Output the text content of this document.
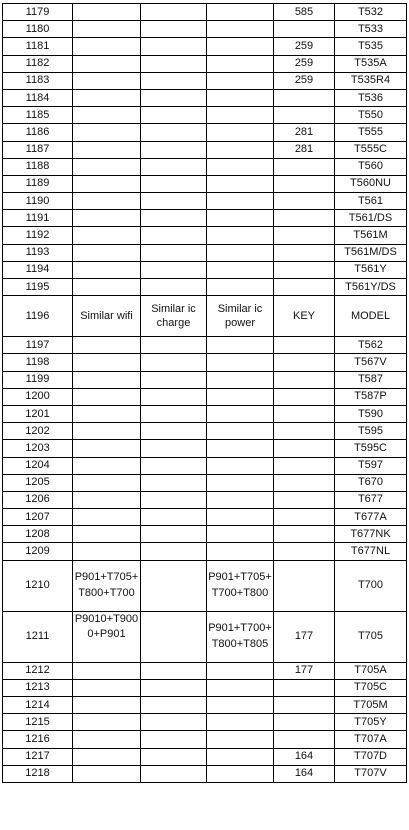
1179				585	T532
1180					T533
1181				259	T535
1182				259	T535A
1183				259	T535R4
1184					T536
1185					T550
1186				281	T555
1187				281	T555C
1188					T560
1189					T560NU
1190					T561
1191					T561/DS
1192					T561M
1193					T561M/DS
1194					T561Y
1195					T561Y/DS
1196	Similar wifi	Similar ic charge	Similar ic power	KEY	MODEL
1197					T562
1198					T567V
1199					T587
1200					T587P
1201					T590
1202					T595
1203					T595C
1204					T597
1205					T670
1206					T677
1207					T677A
1208					T677NK
1209					T677NL
1210	P901+T705+T800+T700		P901+T705+T700+T800		T700
1211	P9010+T9000+P901		P901+T700+T800+T805	177	T705
1212				177	T705A
1213					T705C
1214					T705M
1215					T705Y
1216					T707A
1217				164	T707D
1218				164	T707V
